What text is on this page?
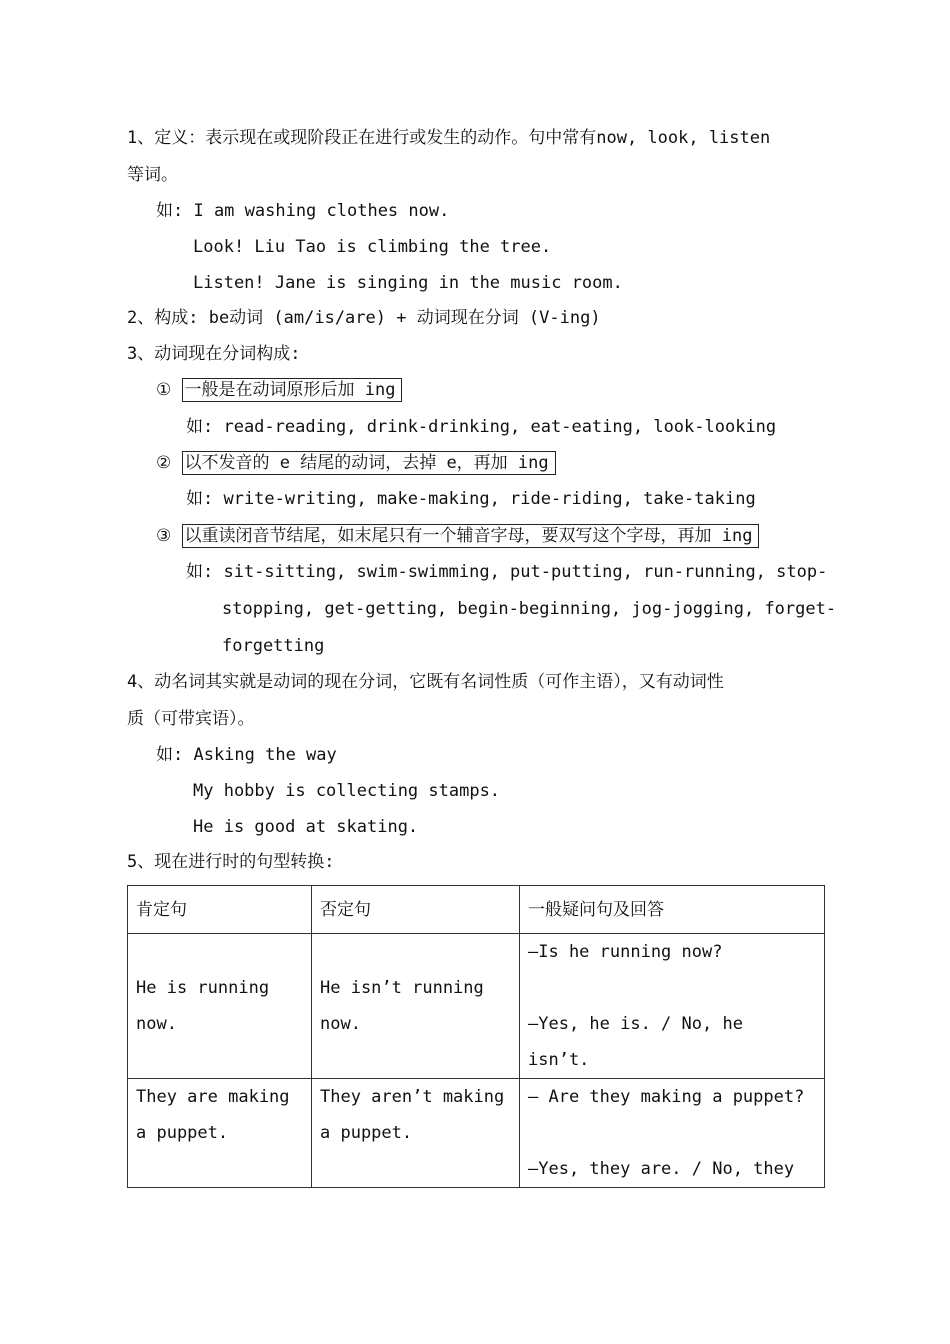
1、定义：表示现在或现阶段正在进行或发生的动作。句中常有now, look, listen
等词。
如: I am washing clothes now.
Look! Liu Tao is climbing the tree.
Listen! Jane is singing in the music room.
2、构成: be动词 (am/is/are) + 动词现在分词 (V-ing)
3、动词现在分词构成:
① 一般是在动词原形后加 ing
如: read-reading, drink-drinking, eat-eating, look-looking
② 以不发音的 e 结尾的动词，去掉 e，再加 ing
如: write-writing, make-making, ride-riding, take-taking
③ 以重读闭音节结尾，如末尾只有一个辅音字母，要双写这个字母，再加 ing
如: sit-sitting, swim-swimming, put-putting, run-running, stop-
stopping, get-getting, begin-beginning, jog-jogging, forget-
forgetting
4、动名词其实就是动词的现在分词，它既有名词性质（可作主语），又有动词性
质（可带宾语）。
如: Asking the way
My hobby is collecting stamps.
He is good at skating.
5、现在进行时的句型转换:
肯定句	否定句	一般疑问句及回答

He is running
now.	He isn’t running
now.	—Is he running now?
—Yes, he is. / No, he
isn’t.

They are making
a puppet.	They aren’t making
a puppet.	— Are they making a puppet?
—Yes, they are. / No, they
